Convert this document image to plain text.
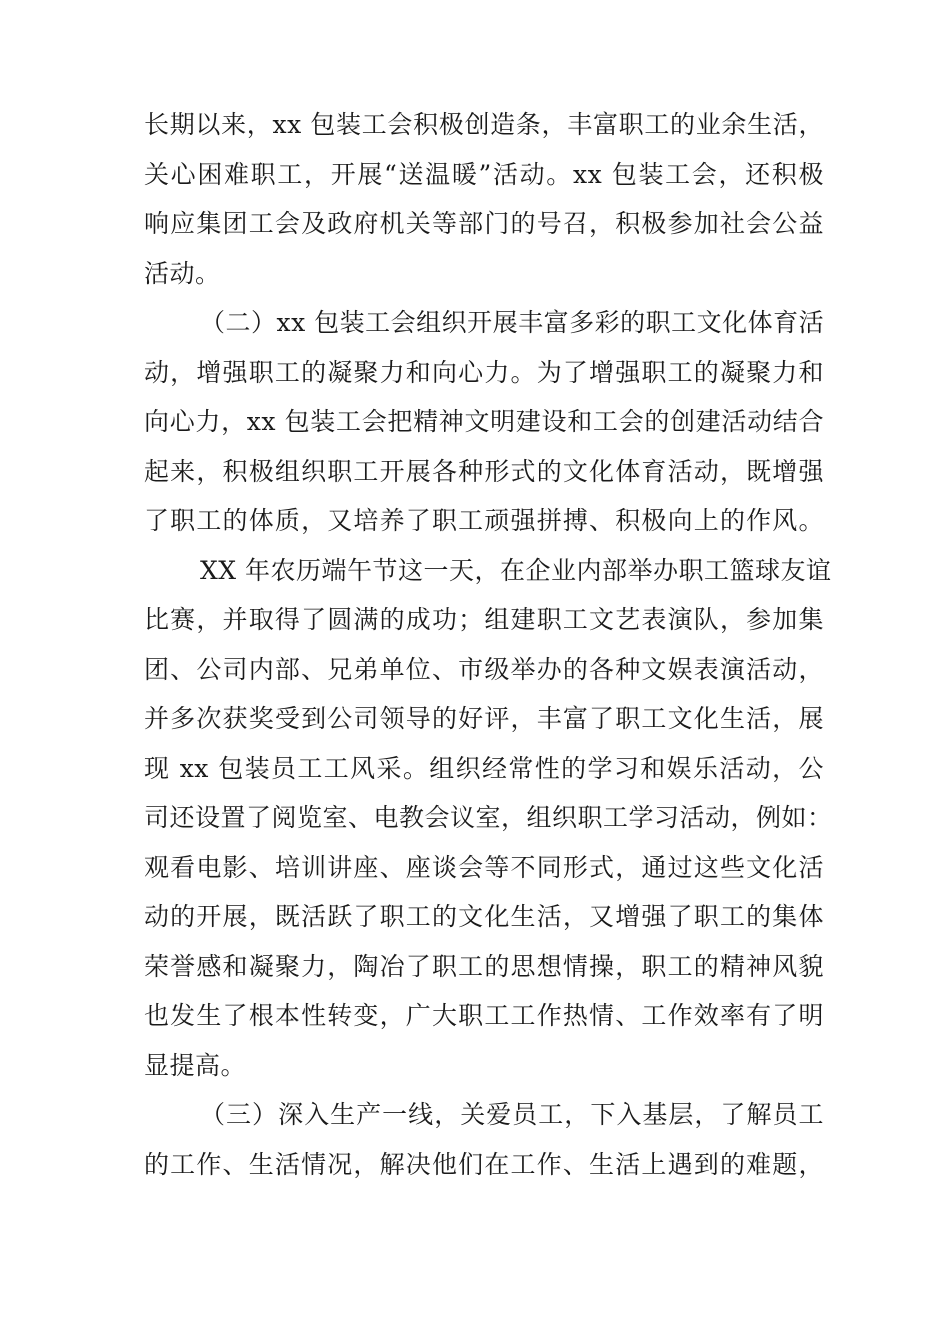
长期以来，xx 包装工会积极创造条，丰富职工的业余生活，
关心困难职工，开展“送温暖”活动。xx 包装工会，还积极
响应集团工会及政府机关等部门的号召，积极参加社会公益
活动。
（二）xx 包装工会组织开展丰富多彩的职工文化体育活
动，增强职工的凝聚力和向心力。为了增强职工的凝聚力和
向心力，xx 包装工会把精神文明建设和工会的创建活动结合
起来，积极组织职工开展各种形式的文化体育活动，既增强
了职工的体质，又培养了职工顽强拼搏、积极向上的作风。
XX 年农历端午节这一天，在企业内部举办职工篮球友谊
比赛，并取得了圆满的成功；组建职工文艺表演队，参加集
团、公司内部、兄弟单位、市级举办的各种文娱表演活动，
并多次获奖受到公司领导的好评，丰富了职工文化生活，展
现 xx 包装员工工风采。组织经常性的学习和娱乐活动，公
司还设置了阅览室、电教会议室，组织职工学习活动，例如：
观看电影、培训讲座、座谈会等不同形式，通过这些文化活
动的开展，既活跃了职工的文化生活，又增强了职工的集体
荣誉感和凝聚力，陶冶了职工的思想情操，职工的精神风貌
也发生了根本性转变，广大职工工作热情、工作效率有了明
显提高。
（三）深入生产一线，关爱员工，下入基层，了解员工
的工作、生活情况，解决他们在工作、生活上遇到的难题，
